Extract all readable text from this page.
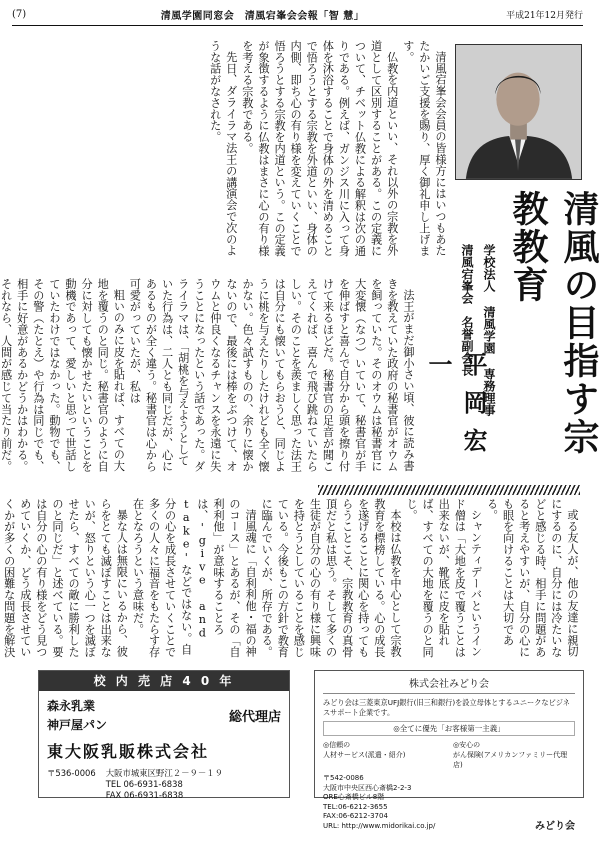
(7)	清風学園同窓会　清風宕峯会会報「智 慧」	平成21年12月発行
清風の目指す宗教教育
学校法人 清風学園 専務理事
清風宕峯会　名誉副会長
平岡宏一

清風宕峯会会員の皆様方にはいつもあたたかいご支援を賜り、厚く御礼申し上げます。

仏教を内道といい、それ以外の宗教を外道として区別することがある。この定義について、チベット仏教による解釈は次の通りである。例えば、ガンジス川に入って身体を沐浴することで身体の外を清めることで悟ろうとする宗教を外道といい、身体の内側、即ち心の有り様を変えていくことで悟ろうとする宗教を内道という。この定義が象徴するように仏教はまさに心の有り様を考える宗教である。

先日、ダライラマ法王の講演会で次のような話がなされた。

法王がまだ御小さい頃、彼に読み書きを教えていた政府の秘書官がオウムを飼っていた。そのオウムは秘書官に大変懐（なつ）いていて、秘書官が手を伸ばすと喜んで自分から頭を擦り付けて来るほどだ。秘書官の足音が聞こえてくれば、喜んで飛び跳ねていたらしい。そのことを羨ましく思った法王は自分にも懐いてもらおうと、同じように桃を与えたりしたけれども全く懐かない。色々試すものの、余りに懐かないので、最後には棒をぶつけて、オウムと仲良くなるチャンスを永遠に失うことになったという話であった。ダライラマは、「胡桃を与えようとしていた行為は、二人とも同じだが、心にあるものが全く違う。秘書官は心から可愛がっていたが、私は

粗いのみに皮を貼れば、すべての大地を覆うのと同じ。秘書官のように自分に対しても懐かせたいということを動機であって、愛しいと思って世話していたわけではなかった。動物でも、その警（たとえ）や行為は同じでも、相手に好意があるかどうかはわかる。それなら、人間が感じて当たり前だ。

或る友人が、他の友達に親切にするのに、自分には冷たいなどと感じる時、相手に問題があると考えやすいが、自分の心にも眼を向けることは大切である。

シャンティデーバというインド僧は「大地を皮で覆うことは出来ないが、靴底に皮を貼れば、すべての大地を覆うのと同じ。

本校は仏教を中心として宗教教育を標榜している。心の成長を遂げることに関心を持ってもらうことこそ、宗教教育の真骨頂だと私は思う。そして多くの生徒が自分の心の有り様に興味を持とうとしていることを感じている。今後もこの方針で教育に臨んでいくが、所存である。

清風魂に「自利利他・福の神のコース」とあるが、その「自利利他」が意味することろは、'give and take'などではない。自分の心を成長させていくことで多くの人々に福音をもたらす存在となろうという意味だ。

暴な人は無限にいるから、彼らをとても滅ぼすことは出来ないが、怒りという心一つを滅ぼせたら、すべての敵に勝利したのと同じだ」と述べている。要は自分の心の有り様をどう見つめていくか、どう成長させていくかが多くの困難な問題を解決

校 内 売 店 4 0 年
森永乳業
神戸屋パン
総代理店
東大阪乳販株式会社
〒536-0006 大阪市城東区野江２－９－１９
TEL 06-6931-6838
FAX 06-6931-6838
株式会社みどり会
みどり会は三菱東京UFJ銀行(旧三和銀行)を設立母体とするユニークなビジネスサポート企業です。
◎全てに優先「お客様第一主義」
◎信頼の
人材サービス(派遣・紹介)
◎安心の
がん保険(アメリカンファミリー代理店)
〒542-0086
大阪市中央区西心斎橋2-2-3
ORE心斎橋ビル8階
TEL:06-6212-3655
FAX:06-6212-3704
URL: http://www.midorikai.co.jp/	みどり会
